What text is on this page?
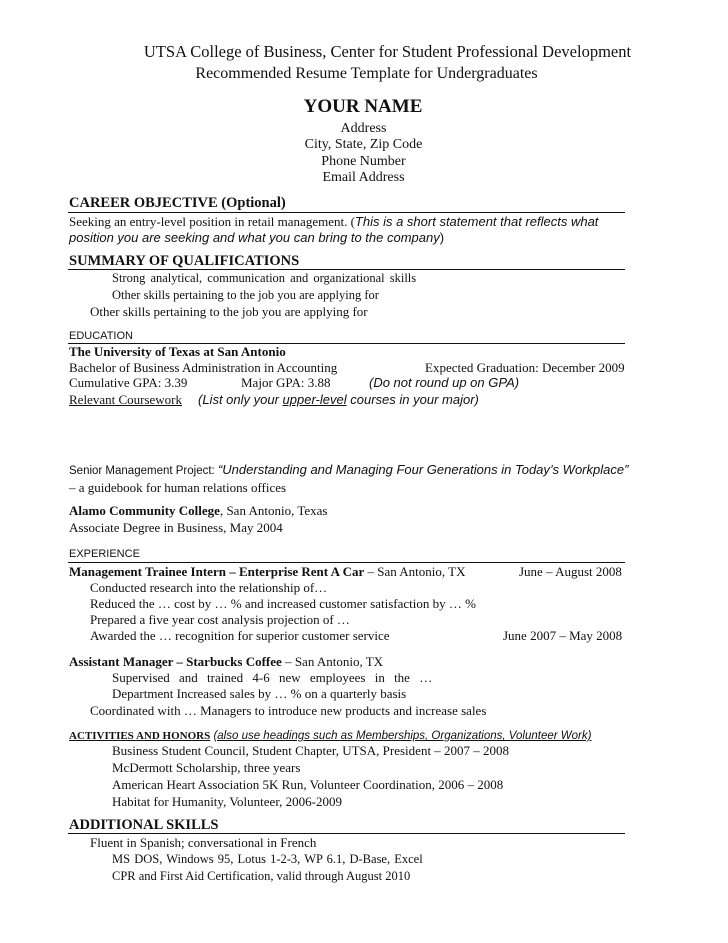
UTSA College of Business, Center for Student Professional Development
Recommended Resume Template for Undergraduates
YOUR NAME
Address
City, State, Zip Code
Phone Number
Email Address
CAREER OBJECTIVE (Optional)
Seeking an entry-level position in retail management. (This is a short statement that reflects what
position you are seeking and what you can bring to the company)
SUMMARY OF QUALIFICATIONS
Strong analytical, communication and organizational skills
Other skills pertaining to the job you are applying for
Other skills pertaining to the job you are applying for
EDUCATION
The University of Texas at San Antonio
Bachelor of Business Administration in Accounting	Expected Graduation: December 2009
Cumulative GPA: 3.39	Major GPA: 3.88	(Do not round up on GPA)
Relevant Coursework (List only your upper-level courses in your major)
Senior Management Project: “Understanding and Managing Four Generations in Today’s Workplace”
– a guidebook for human relations offices
Alamo Community College, San Antonio, Texas
Associate Degree in Business, May 2004
EXPERIENCE
Management Trainee Intern – Enterprise Rent A Car – San Antonio, TX	June – August 2008
Conducted research into the relationship of…
Reduced the … cost by … % and increased customer satisfaction by … %
Prepared a five year cost analysis projection of …
Awarded the … recognition for superior customer service	June 2007 – May 2008
Assistant Manager – Starbucks Coffee – San Antonio, TX
Supervised and trained 4-6 new employees in the …
Department Increased sales by … % on a quarterly basis
Coordinated with … Managers to introduce new products and increase sales
ACTIVITIES AND HONORS (also use headings such as Memberships, Organizations, Volunteer Work)
Business Student Council, Student Chapter, UTSA, President – 2007 – 2008
McDermott Scholarship, three years
American Heart Association 5K Run, Volunteer Coordination, 2006 – 2008
Habitat for Humanity, Volunteer, 2006-2009
ADDITIONAL SKILLS
Fluent in Spanish; conversational in French
MS DOS, Windows 95, Lotus 1-2-3, WP 6.1, D-Base, Excel
CPR and First Aid Certification, valid through August 2010
